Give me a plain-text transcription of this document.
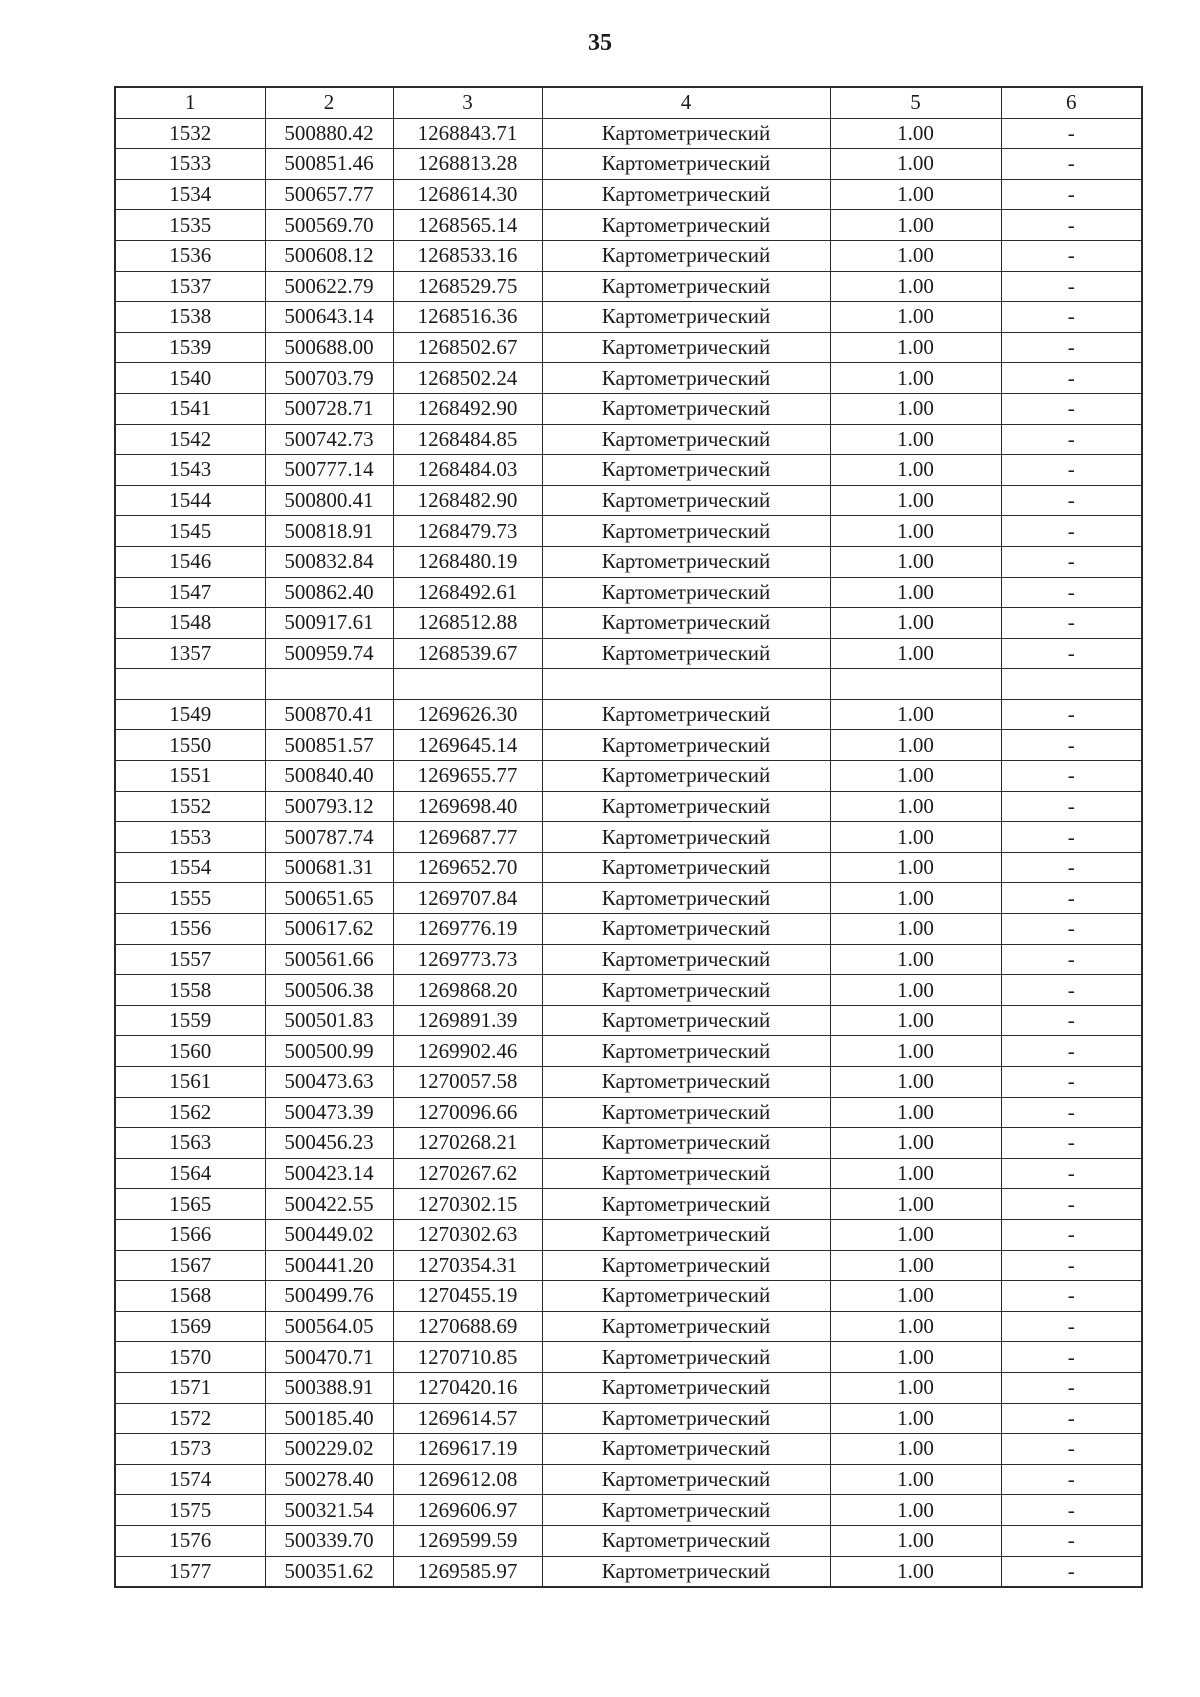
35
1	2	3	4	5	6
1532	500880.42	1268843.71	Картометрический	1.00	-
1533	500851.46	1268813.28	Картометрический	1.00	-
1534	500657.77	1268614.30	Картометрический	1.00	-
1535	500569.70	1268565.14	Картометрический	1.00	-
1536	500608.12	1268533.16	Картометрический	1.00	-
1537	500622.79	1268529.75	Картометрический	1.00	-
1538	500643.14	1268516.36	Картометрический	1.00	-
1539	500688.00	1268502.67	Картометрический	1.00	-
1540	500703.79	1268502.24	Картометрический	1.00	-
1541	500728.71	1268492.90	Картометрический	1.00	-
1542	500742.73	1268484.85	Картометрический	1.00	-
1543	500777.14	1268484.03	Картометрический	1.00	-
1544	500800.41	1268482.90	Картометрический	1.00	-
1545	500818.91	1268479.73	Картометрический	1.00	-
1546	500832.84	1268480.19	Картометрический	1.00	-
1547	500862.40	1268492.61	Картометрический	1.00	-
1548	500917.61	1268512.88	Картометрический	1.00	-
1357	500959.74	1268539.67	Картометрический	1.00	-

1549	500870.41	1269626.30	Картометрический	1.00	-
1550	500851.57	1269645.14	Картометрический	1.00	-
1551	500840.40	1269655.77	Картометрический	1.00	-
1552	500793.12	1269698.40	Картометрический	1.00	-
1553	500787.74	1269687.77	Картометрический	1.00	-
1554	500681.31	1269652.70	Картометрический	1.00	-
1555	500651.65	1269707.84	Картометрический	1.00	-
1556	500617.62	1269776.19	Картометрический	1.00	-
1557	500561.66	1269773.73	Картометрический	1.00	-
1558	500506.38	1269868.20	Картометрический	1.00	-
1559	500501.83	1269891.39	Картометрический	1.00	-
1560	500500.99	1269902.46	Картометрический	1.00	-
1561	500473.63	1270057.58	Картометрический	1.00	-
1562	500473.39	1270096.66	Картометрический	1.00	-
1563	500456.23	1270268.21	Картометрический	1.00	-
1564	500423.14	1270267.62	Картометрический	1.00	-
1565	500422.55	1270302.15	Картометрический	1.00	-
1566	500449.02	1270302.63	Картометрический	1.00	-
1567	500441.20	1270354.31	Картометрический	1.00	-
1568	500499.76	1270455.19	Картометрический	1.00	-
1569	500564.05	1270688.69	Картометрический	1.00	-
1570	500470.71	1270710.85	Картометрический	1.00	-
1571	500388.91	1270420.16	Картометрический	1.00	-
1572	500185.40	1269614.57	Картометрический	1.00	-
1573	500229.02	1269617.19	Картометрический	1.00	-
1574	500278.40	1269612.08	Картометрический	1.00	-
1575	500321.54	1269606.97	Картометрический	1.00	-
1576	500339.70	1269599.59	Картометрический	1.00	-
1577	500351.62	1269585.97	Картометрический	1.00	-
